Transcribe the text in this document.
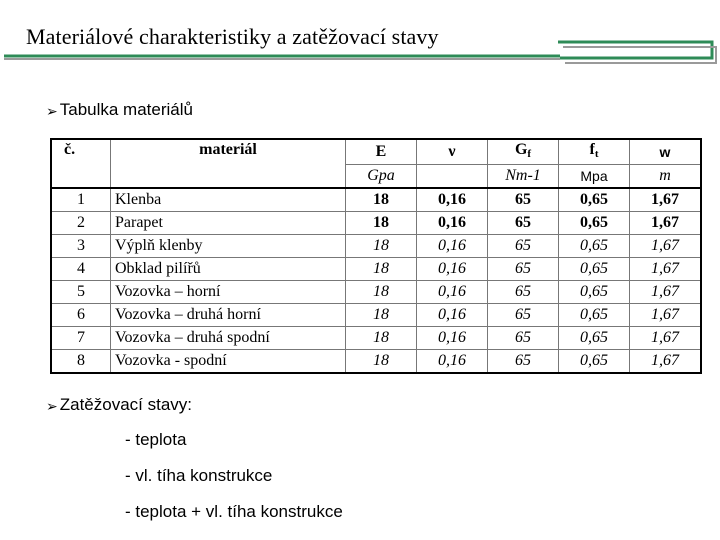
Materiálové charakteristiky a zatěžovací stavy
➢ Tabulka materiálů
č.	materiál	E	ν	Gf	ft	w
		Gpa		Nm-1	Mpa	m
1	Klenba	18	0,16	65	0,65	1,67
2	Parapet	18	0,16	65	0,65	1,67
3	Výplň klenby	18	0,16	65	0,65	1,67
4	Obklad pilířů	18	0,16	65	0,65	1,67
5	Vozovka – horní	18	0,16	65	0,65	1,67
6	Vozovka – druhá horní	18	0,16	65	0,65	1,67
7	Vozovka – druhá spodní	18	0,16	65	0,65	1,67
8	Vozovka - spodní	18	0,16	65	0,65	1,67
➢ Zatěžovací stavy:
- teplota
- vl. tíha konstrukce
- teplota + vl. tíha konstrukce
